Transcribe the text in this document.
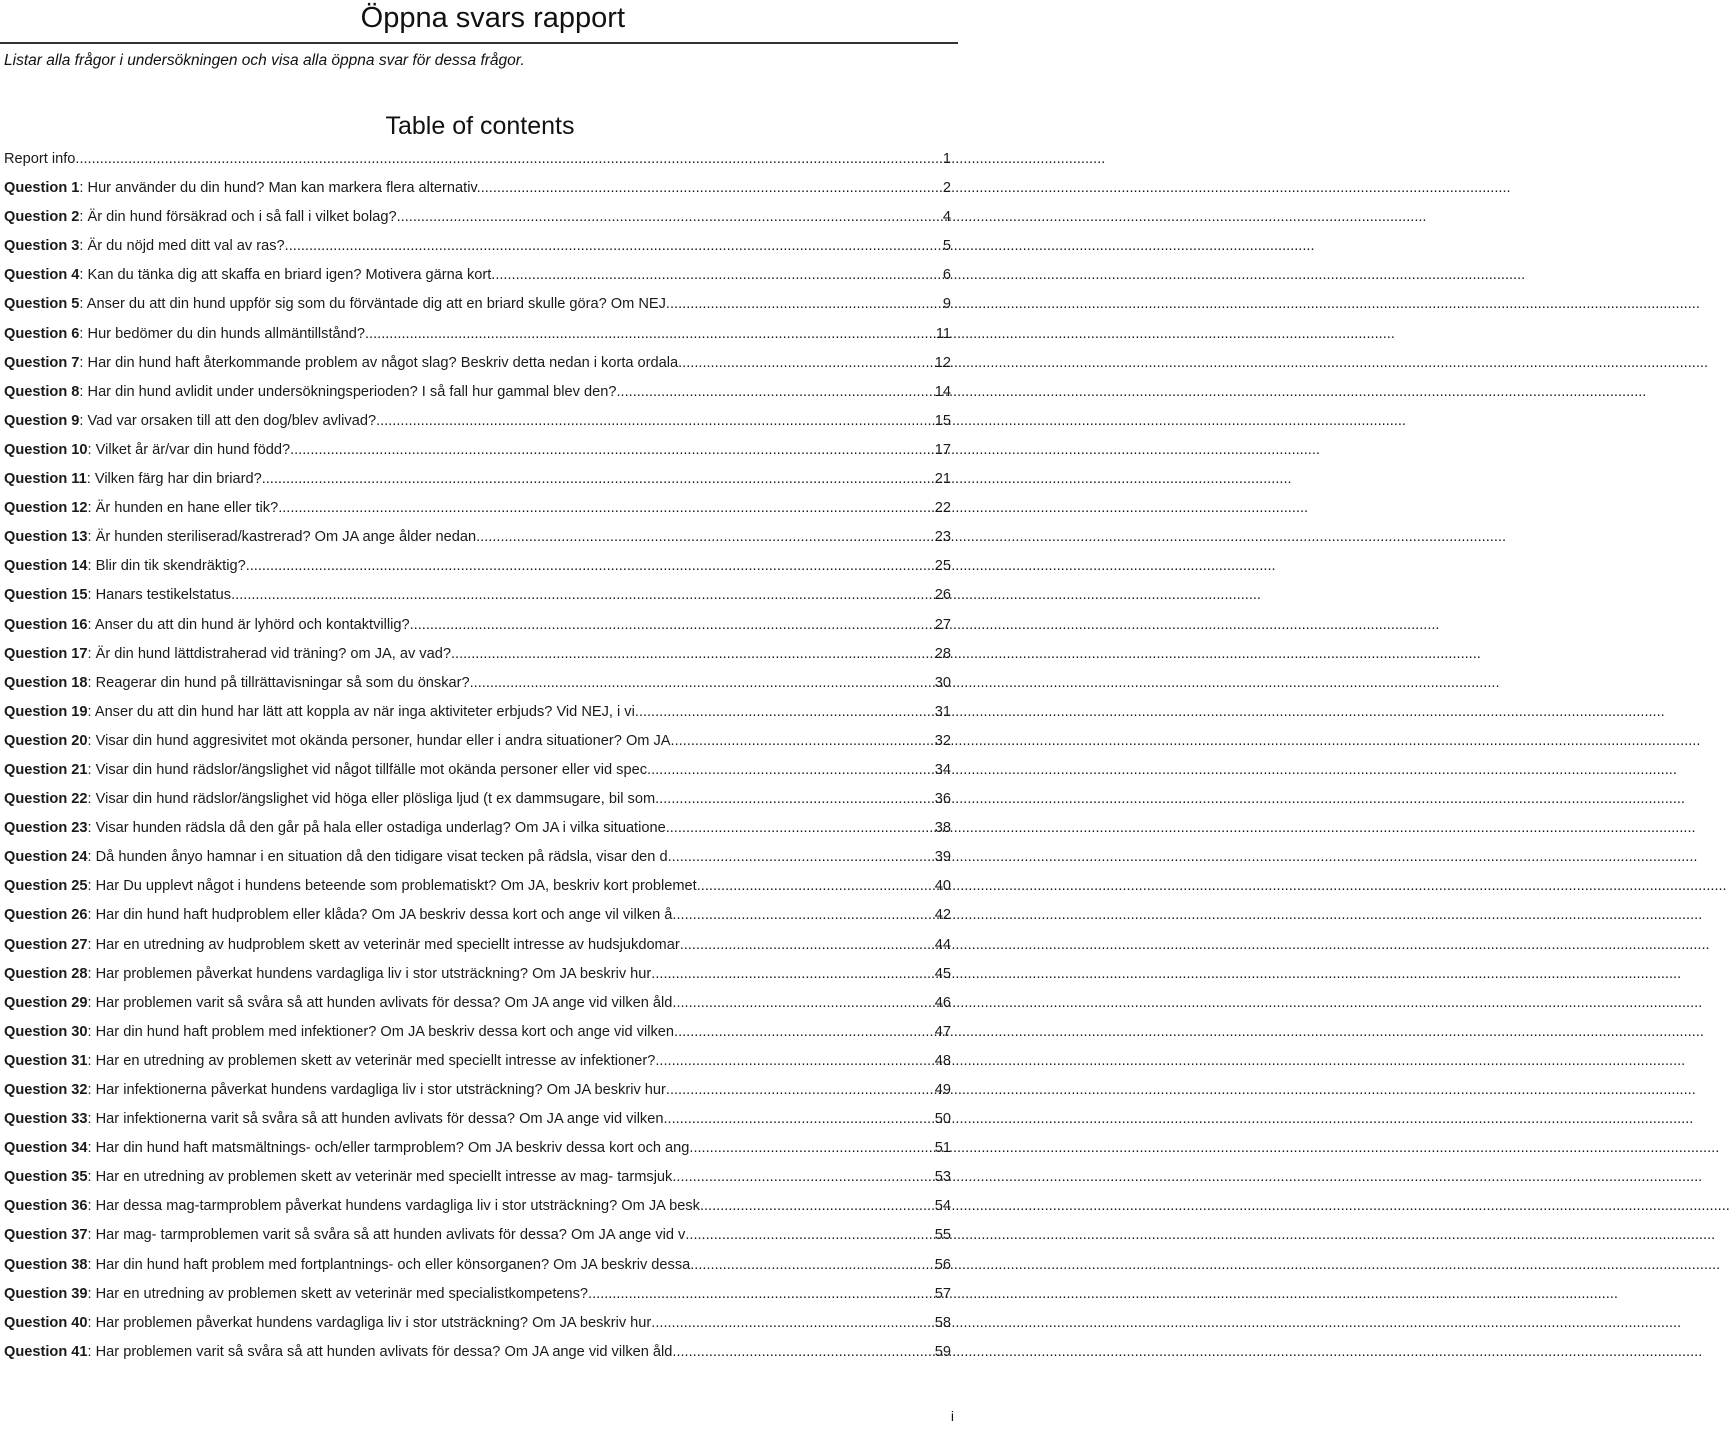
Öppna svars rapport
Listar alla frågor i undersökningen och visa alla öppna svar för dessa frågor.
Table of contents
Report info .....	1
Question 1: Hur använder du din hund? Man kan markera flera alternativ. .....	2
Question 2: Är din hund försäkrad och i så fall i vilket bolag? .....	4
Question 3: Är du nöjd med ditt val av ras? .....	5
Question 4: Kan du tänka dig att skaffa en briard igen? Motivera gärna kort. .....	6
Question 5: Anser du att din hund uppför sig som du förväntade dig att en briard skulle göra? Om NEJ. .....	9
Question 6: Hur bedömer du din hunds allmäntillstånd? .....	11
Question 7: Har din hund haft återkommande problem av något slag? Beskriv detta nedan i korta ordala .....	12
Question 8: Har din hund avlidit under undersökningsperioden? I så fall hur gammal blev den? .....	14
Question 9: Vad var orsaken till att den dog/blev avlivad? .....	15
Question 10: Vilket år är/var din hund född? .....	17
Question 11: Vilken färg har din briard? .....	21
Question 12: Är hunden en hane eller tik? .....	22
Question 13: Är hunden steriliserad/kastrerad? Om JA ange ålder nedan .....	23
Question 14: Blir din tik skendräktig? .....	25
Question 15: Hanars testikelstatus .....	26
Question 16: Anser du att din hund är lyhörd och kontaktvillig? .....	27
Question 17: Är din hund lättdistraherad vid träning? om JA, av vad? .....	28
Question 18: Reagerar din hund på tillrättavisningar så som du önskar? .....	30
Question 19: Anser du att din hund har lätt att koppla av när inga aktiviteter erbjuds? Vid NEJ, i vi .....	31
Question 20: Visar din hund aggresivitet mot okända personer, hundar eller i andra situationer? Om JA .....	32
Question 21: Visar din hund rädslor/ängslighet vid något tillfälle mot okända personer eller vid spec .....	34
Question 22: Visar din hund rädslor/ängslighet vid höga eller plösliga ljud (t ex dammsugare, bil som .....	36
Question 23: Visar hunden rädsla då den går på hala eller ostadiga underlag? Om JA i vilka situatione .....	38
Question 24: Då hunden ånyo hamnar i en situation då den tidigare visat tecken på rädsla, visar den d .....	39
Question 25: Har Du upplevt något i hundens beteende som problematiskt? Om JA, beskriv kort problemet .....	40
Question 26: Har din hund haft hudproblem eller klåda? Om JA beskriv dessa kort och ange vil vilken å .....	42
Question 27: Har en utredning av hudproblem skett av veterinär med speciellt intresse av hudsjukdomar .....	44
Question 28: Har problemen påverkat hundens vardagliga liv i stor utsträckning? Om JA beskriv hur .....	45
Question 29: Har problemen varit så svåra så att hunden avlivats för dessa? Om JA ange vid vilken åld .....	46
Question 30: Har din hund haft problem med infektioner? Om JA beskriv dessa kort och ange vid vilken .....	47
Question 31: Har en utredning av problemen skett av veterinär med speciellt intresse av infektioner? .....	48
Question 32: Har infektionerna påverkat hundens vardagliga liv i stor utsträckning? Om JA beskriv hur .....	49
Question 33: Har infektionerna varit så svåra så att hunden avlivats för dessa? Om JA ange vid vilken .....	50
Question 34: Har din hund haft matsmältnings- och/eller tarmproblem? Om JA beskriv dessa kort och ang .....	51
Question 35: Har en utredning av problemen skett av veterinär med speciellt intresse av mag- tarmsjuk .....	53
Question 36: Har dessa mag-tarmproblem påverkat hundens vardagliga liv i stor utsträckning? Om JA besk .....	54
Question 37: Har mag- tarmproblemen varit så svåra så att hunden avlivats för dessa? Om JA ange vid v .....	55
Question 38: Har din hund haft problem med fortplantnings- och eller könsorganen? Om JA beskriv dessa .....	56
Question 39: Har en utredning av problemen skett av veterinär med specialistkompetens? .....	57
Question 40: Har problemen påverkat hundens vardagliga liv i stor utsträckning? Om JA beskriv hur .....	58
Question 41: Har problemen varit så svåra så att hunden avlivats för dessa? Om JA ange vid vilken åld .....	59
i
